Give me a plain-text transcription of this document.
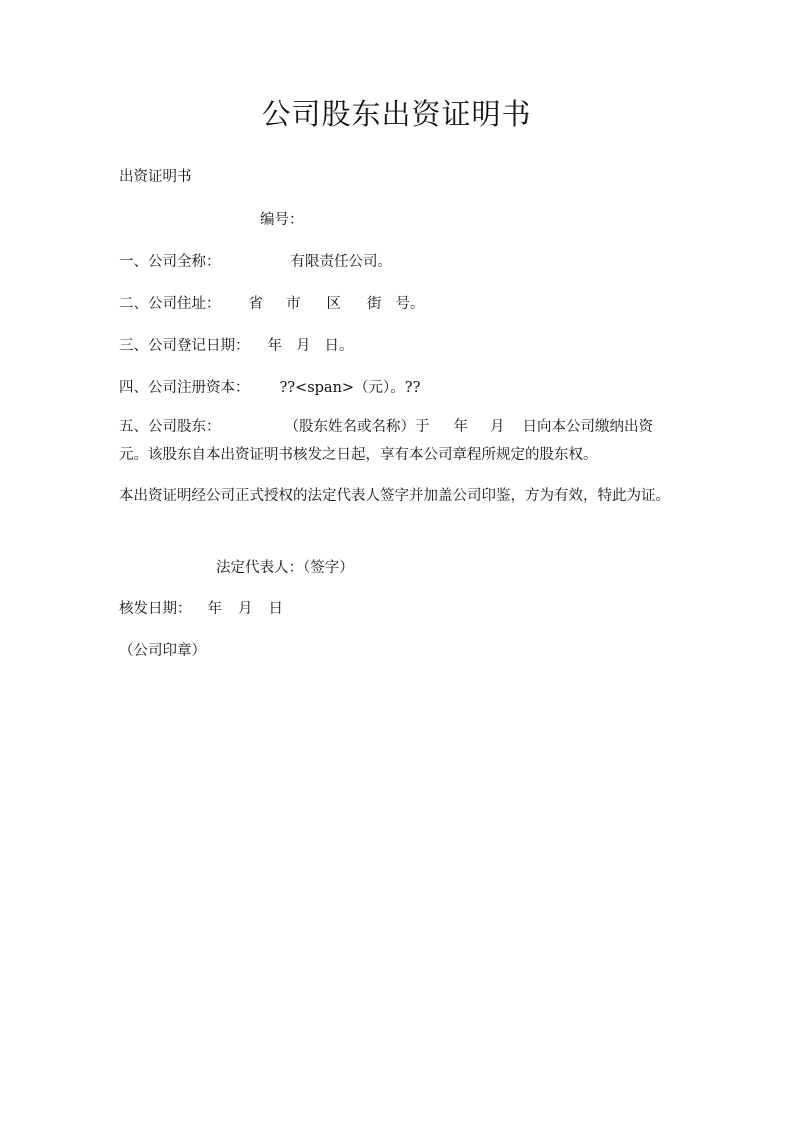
公司股东出资证明书
出资证明书
编号：
一、公司全称：	有限责任公司。
二、公司住址： 省 市 区 街 号。
三、公司登记日期： 年 月 日。
四、公司注册资本： ??<span>（元）。??
五、公司股东：	（股东姓名或名称）于 年 月 日向本公司缴纳出资
元。该股东自本出资证明书核发之日起，享有本公司章程所规定的股东权。
本出资证明经公司正式授权的法定代表人签字并加盖公司印鉴，方为有效，特此为证。
法定代表人：（签字）
核发日期： 年 月 日
（公司印章）
